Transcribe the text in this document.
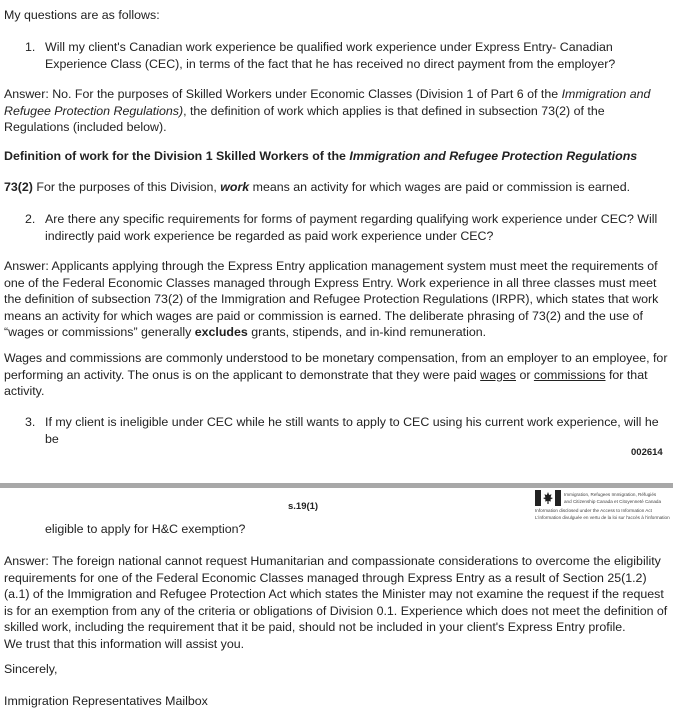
My questions are as follows:
1. Will my client's Canadian work experience be qualified work experience under Express Entry- Canadian Experience Class (CEC), in terms of the fact that he has received no direct payment from the employer?
Answer: No. For the purposes of Skilled Workers under Economic Classes (Division 1 of Part 6 of the Immigration and Refugee Protection Regulations), the definition of work which applies is that defined in subsection 73(2) of the Regulations (included below).
Definition of work for the Division 1 Skilled Workers of the Immigration and Refugee Protection Regulations
73(2) For the purposes of this Division, work means an activity for which wages are paid or commission is earned.
2. Are there any specific requirements for forms of payment regarding qualifying work experience under CEC? Will indirectly paid work experience be regarded as paid work experience under CEC?
Answer: Applicants applying through the Express Entry application management system must meet the requirements of one of the Federal Economic Classes managed through Express Entry. Work experience in all three classes must meet the definition of subsection 73(2) of the Immigration and Refugee Protection Regulations (IRPR), which states that work means an activity for which wages are paid or commission is earned. The deliberate phrasing of 73(2) and the use of “wages or commissions” generally excludes grants, stipends, and in-kind remuneration.
Wages and commissions are commonly understood to be monetary compensation, from an employer to an employee, for performing an activity. The onus is on the applicant to demonstrate that they were paid wages or commissions for that activity.
3. If my client is ineligible under CEC while he still wants to apply to CEC using his current work experience, will he be
002614
s.19(1)
Immigration, Refugees Immigration, Réfugiés
and Citizenship Canada et Citoyenneté Canada
Information disclosed under the Access to Information Act
L'information divulguée en vertu de la loi sur l'accès à l'information
eligible to apply for H&C exemption?
Answer: The foreign national cannot request Humanitarian and compassionate considerations to overcome the eligibility requirements for one of the Federal Economic Classes managed through Express Entry as a result of Section 25(1.2)(a.1) of the Immigration and Refugee Protection Act which states the Minister may not examine the request if the request is for an exemption from any of the criteria or obligations of Division 0.1. Experience which does not meet the definition of skilled work, including the requirement that it be paid, should not be included in your client's Express Entry profile.
We trust that this information will assist you.
Sincerely,
Immigration Representatives Mailbox
